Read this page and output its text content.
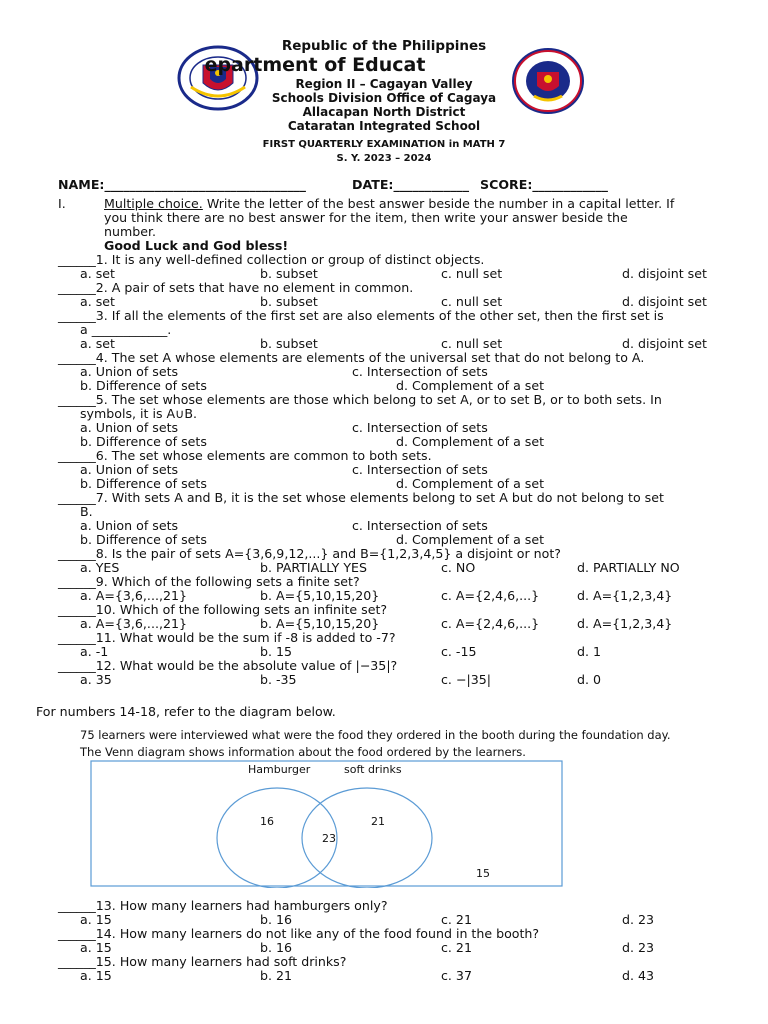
Republic of the Philippines
epartment of Educat
Region II – Cagayan Valley
Schools Division Office of Cagaya
Allacapan North District
Cataratan Integrated School
FIRST QUARTERLY EXAMINATION in MATH 7
S. Y. 2023 – 2024
NAME:________________________________	DATE:____________ SCORE:____________
I.	Multiple choice. Write the letter of the best answer beside the number in a capital letter. If
you think there are no best answer for the item, then write your answer beside the
number.
Good Luck and God bless!
______1. It is any well-defined collection or group of distinct objects.
a. set	b. subset	c. null set	d. disjoint set
______2. A pair of sets that have no element in common.
a. set	b. subset	c. null set	d. disjoint set
______3. If all the elements of the first set are also elements of the other set, then the first set is
a ____________.
a. set	b. subset	c. null set	d. disjoint set
______4. The set A whose elements are elements of the universal set that do not belong to A.
a. Union of sets	c. Intersection of sets
b. Difference of sets	d. Complement of a set
______5. The set whose elements are those which belong to set A, or to set B, or to both sets. In
symbols, it is A∪B.
a. Union of sets	c. Intersection of sets
b. Difference of sets	d. Complement of a set
______6. The set whose elements are common to both sets.
a. Union of sets	c. Intersection of sets
b. Difference of sets	d. Complement of a set
______7. With sets A and B, it is the set whose elements belong to set A but do not belong to set
B.
a. Union of sets	c. Intersection of sets
b. Difference of sets	d. Complement of a set
______8. Is the pair of sets A={3,6,9,12,...} and B={1,2,3,4,5} a disjoint or not?
a. YES	b. PARTIALLY YES	c. NO	d. PARTIALLY NO
______9. Which of the following sets a finite set?
a. A={3,6,...,21}	b. A={5,10,15,20}	c. A={2,4,6,...}	d. A={1,2,3,4}
______10. Which of the following sets an infinite set?
a. A={3,6,...,21}	b. A={5,10,15,20}	c. A={2,4,6,...}	d. A={1,2,3,4}
______11. What would be the sum if -8 is added to -7?
a. -1	b. 15	c. -15	d. 1
______12. What would be the absolute value of |−35|?
a. 35	b. -35	c. −|35|	d. 0
For numbers 14-18, refer to the diagram below.
75 learners were interviewed what were the food they ordered in the booth during the foundation day.
The Venn diagram shows information about the food ordered by the learners.
Hamburger	soft drinks
16
23
21
15
______13. How many learners had hamburgers only?
a. 15	b. 16	c. 21	d. 23
______14. How many learners do not like any of the food found in the booth?
a. 15	b. 16	c. 21	d. 23
______15. How many learners had soft drinks?
a. 15	b. 21	c. 37	d. 43
